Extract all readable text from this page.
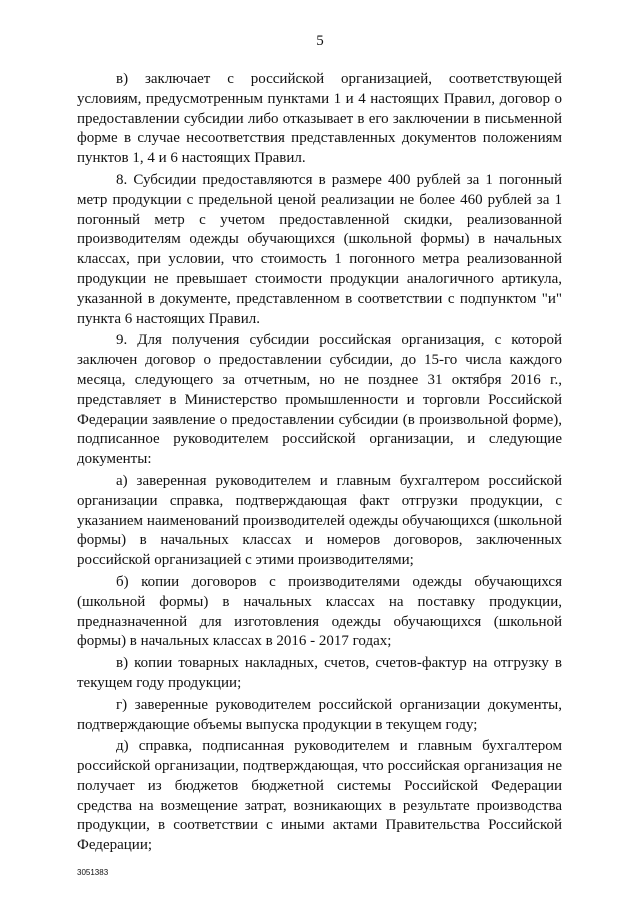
5

в) заключает с российской организацией, соответствующей условиям, предусмотренным пунктами 1 и 4 настоящих Правил, договор о предоставлении субсидии либо отказывает в его заключении в письменной форме в случае несоответствия представленных документов положениям пунктов 1, 4 и 6 настоящих Правил.

8. Субсидии предоставляются в размере 400 рублей за 1 погонный метр продукции с предельной ценой реализации не более 460 рублей за 1 погонный метр с учетом предоставленной скидки, реализованной производителям одежды обучающихся (школьной формы) в начальных классах, при условии, что стоимость 1 погонного метра реализованной продукции не превышает стоимости продукции аналогичного артикула, указанной в документе, представленном в соответствии с подпунктом "и" пункта 6 настоящих Правил.

9. Для получения субсидии российская организация, с которой заключен договор о предоставлении субсидии, до 15-го числа каждого месяца, следующего за отчетным, но не позднее 31 октября 2016 г., представляет в Министерство промышленности и торговли Российской Федерации заявление о предоставлении субсидии (в произвольной форме), подписанное руководителем российской организации, и следующие документы:

а) заверенная руководителем и главным бухгалтером российской организации справка, подтверждающая факт отгрузки продукции, с указанием наименований производителей одежды обучающихся (школьной формы) в начальных классах и номеров договоров, заключенных российской организацией с этими производителями;

б) копии договоров с производителями одежды обучающихся (школьной формы) в начальных классах на поставку продукции, предназначенной для изготовления одежды обучающихся (школьной формы) в начальных классах в 2016 - 2017 годах;

в) копии товарных накладных, счетов, счетов-фактур на отгрузку в текущем году продукции;

г) заверенные руководителем российской организации документы, подтверждающие объемы выпуска продукции в текущем году;

д) справка, подписанная руководителем и главным бухгалтером российской организации, подтверждающая, что российская организация не получает из бюджетов бюджетной системы Российской Федерации средства на возмещение затрат, возникающих в результате производства продукции, в соответствии с иными актами Правительства Российской Федерации;

3051383
